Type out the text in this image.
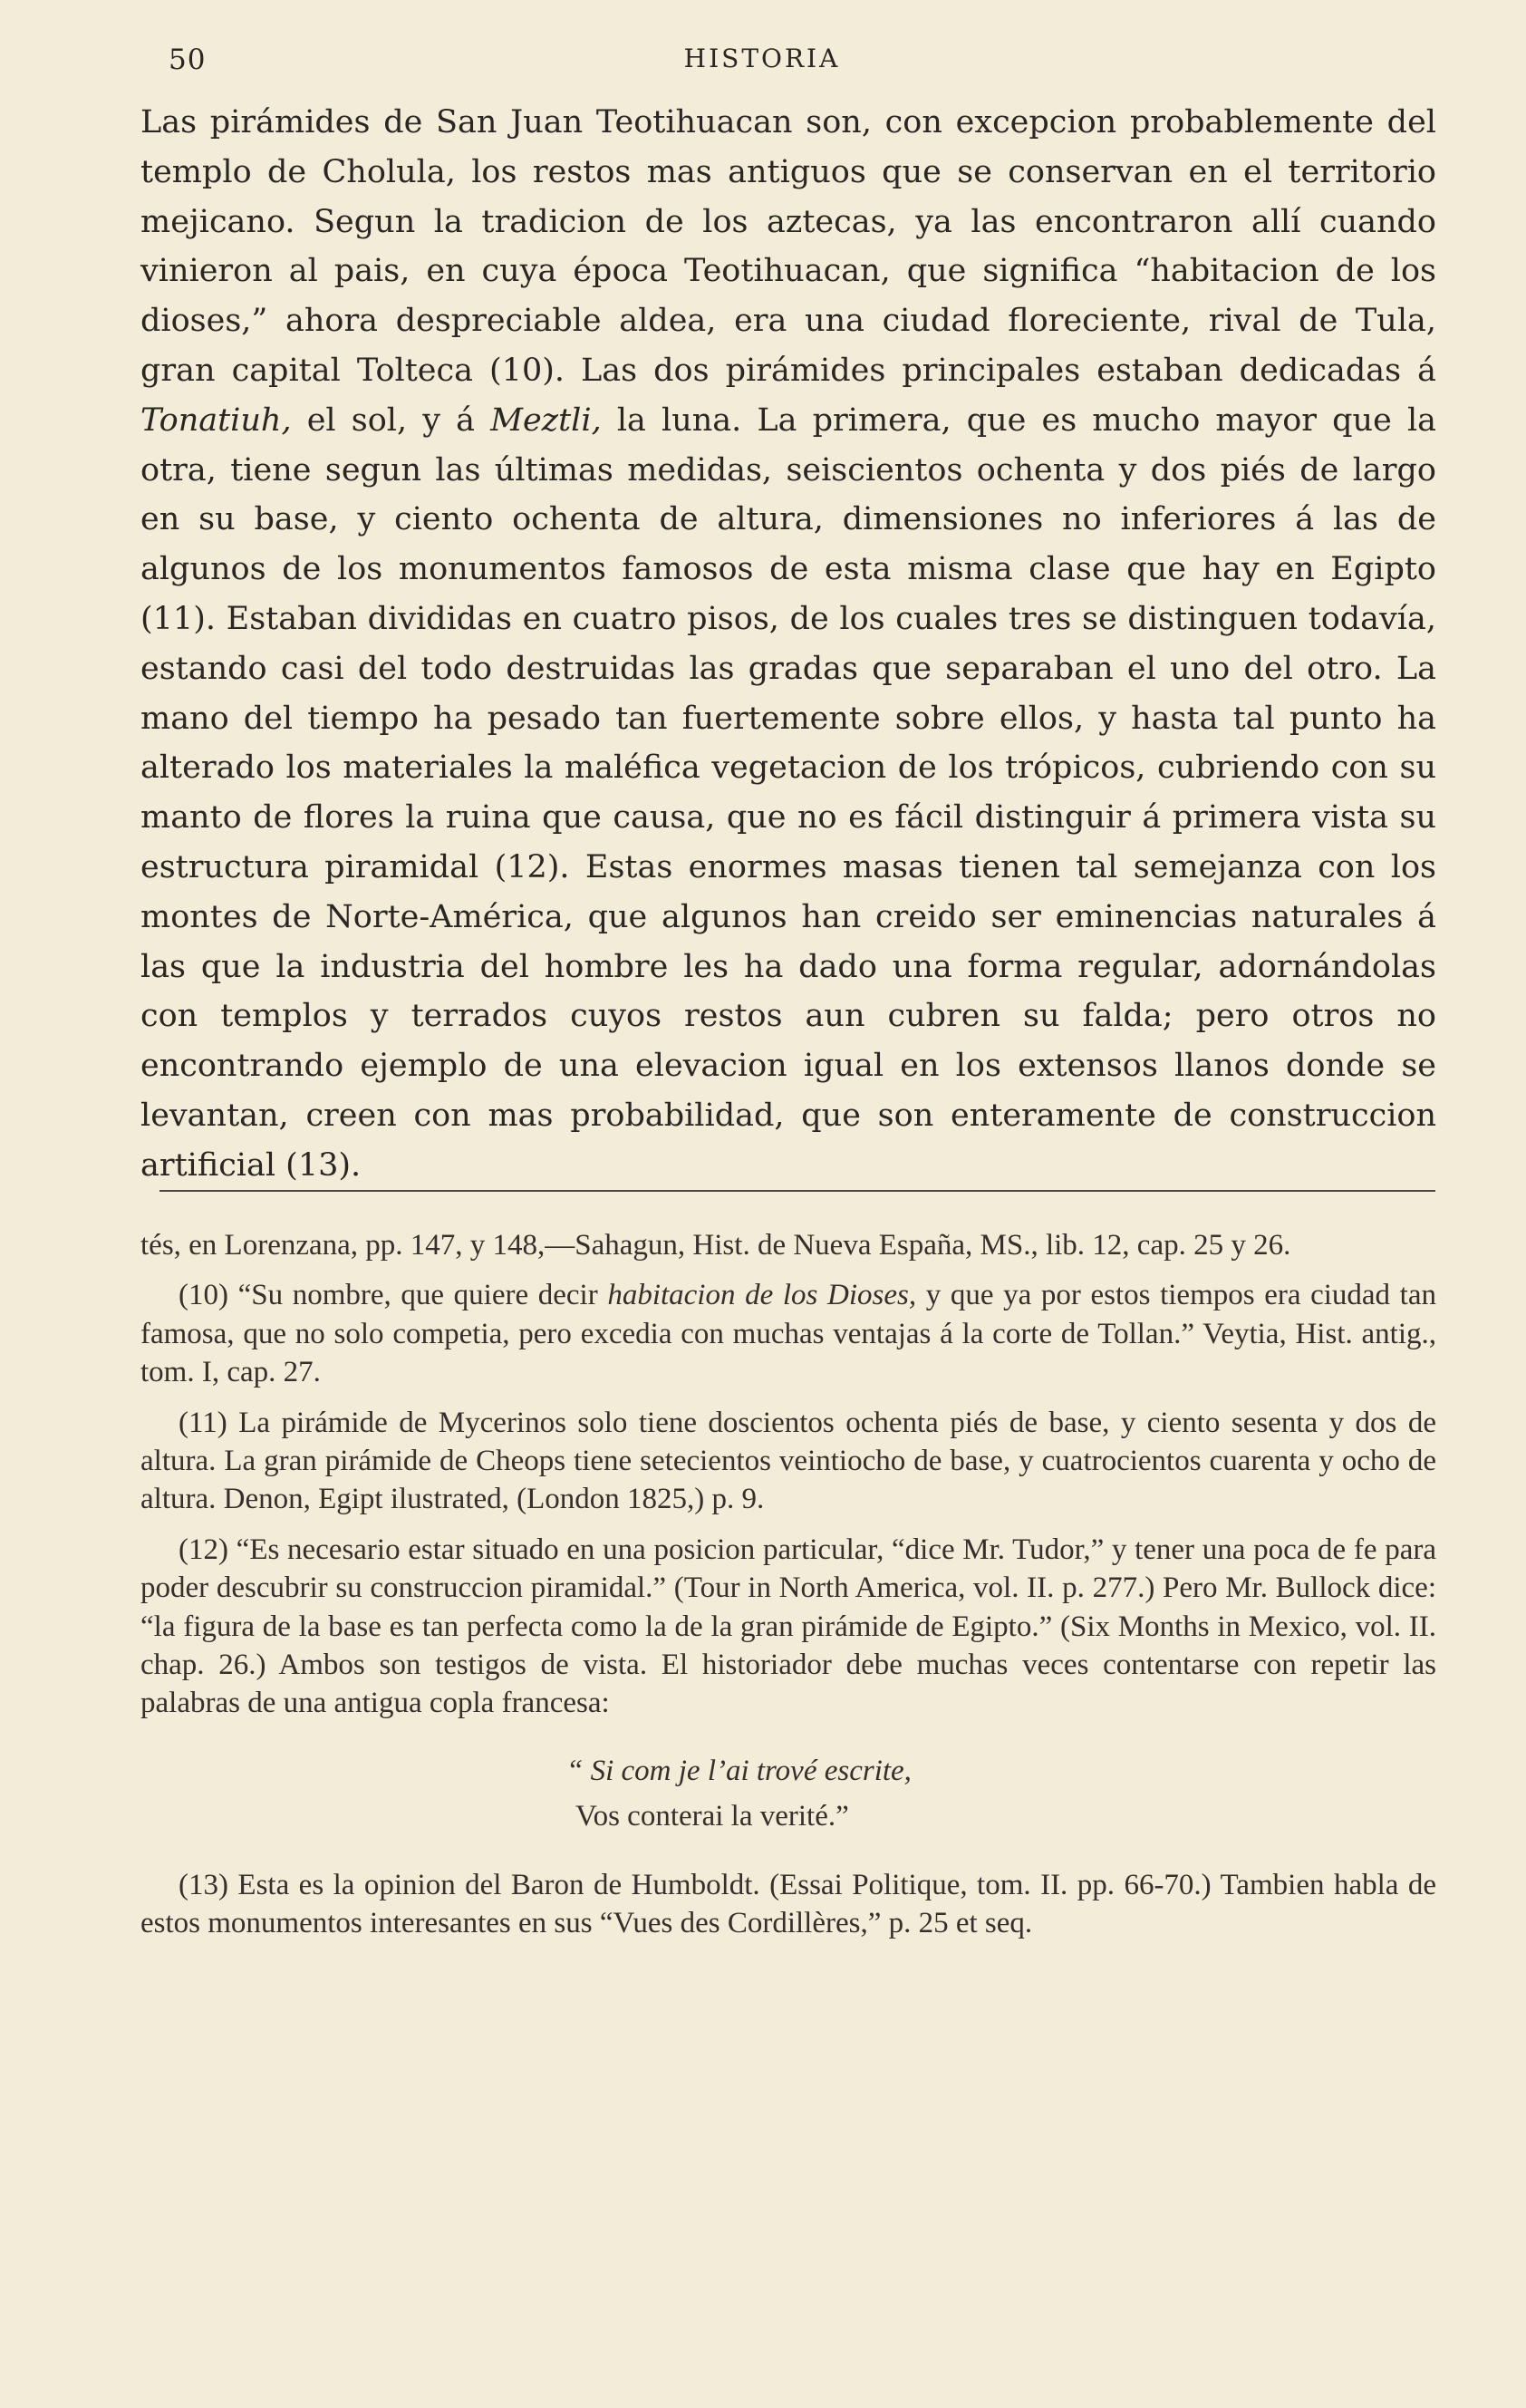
50	HISTORIA

Las pirámides de San Juan Teotihuacan son, con excepcion probablemente del templo de Cholula, los restos mas antiguos que se conservan en el territorio mejicano. Segun la tradicion de los aztecas, ya las encontraron allí cuando vinieron al pais, en cuya época Teotihuacan, que significa “habitacion de los dioses,” ahora despreciable aldea, era una ciudad floreciente, rival de Tula, gran capital Tolteca (10). Las dos pirámides principales estaban dedicadas á Tonatiuh, el sol, y á Meztli, la luna. La primera, que es mucho mayor que la otra, tiene segun las últimas medidas, seiscientos ochenta y dos piés de largo en su base, y ciento ochenta de altura, dimensiones no inferiores á las de algunos de los monumentos famosos de esta misma clase que hay en Egipto (11). Estaban divididas en cuatro pisos, de los cuales tres se distinguen todavía, estando casi del todo destruidas las gradas que separaban el uno del otro. La mano del tiempo ha pesado tan fuertemente sobre ellos, y hasta tal punto ha alterado los materiales la maléfica vegetacion de los trópicos, cubriendo con su manto de flores la ruina que causa, que no es fácil distinguir á primera vista su estructura piramidal (12). Estas enormes masas tienen tal semejanza con los montes de Norte-América, que algunos han creido ser eminencias naturales á las que la industria del hombre les ha dado una forma regular, adornándolas con templos y terrados cuyos restos aun cubren su falda; pero otros no encontrando ejemplo de una elevacion igual en los extensos llanos donde se levantan, creen con mas probabilidad, que son enteramente de construccion artificial (13).

tés, en Lorenzana, pp. 147, y 148,—Sahagun, Hist. de Nueva España, MS., lib. 12, cap. 25 y 26.

(10) “Su nombre, que quiere decir habitacion de los Dioses, y que ya por estos tiempos era ciudad tan famosa, que no solo competia, pero excedia con muchas ventajas á la corte de Tollan.” Veytia, Hist. antig., tom. I, cap. 27.

(11) La pirámide de Mycerinos solo tiene doscientos ochenta piés de base, y ciento sesenta y dos de altura. La gran pirámide de Cheops tiene setecientos veintiocho de base, y cuatrocientos cuarenta y ocho de altura. Denon, Egipt ilustrated, (London 1825,) p. 9.

(12) “Es necesario estar situado en una posicion particular, “dice Mr. Tudor,” y tener una poca de fe para poder descubrir su construccion piramidal.” (Tour in North America, vol. II. p. 277.) Pero Mr. Bullock dice: “la figura de la base es tan perfecta como la de la gran pirámide de Egipto.” (Six Months in Mexico, vol. II. chap. 26.) Ambos son testigos de vista. El historiador debe muchas veces contentarse con repetir las palabras de una antigua copla francesa:

“ Si com je l’ai trové escrite,
Vos conterai la verité.”

(13) Esta es la opinion del Baron de Humboldt. (Essai Politique, tom. II. pp. 66-70.) Tambien habla de estos monumentos interesantes en sus “Vues des Cordillères,” p. 25 et seq.
